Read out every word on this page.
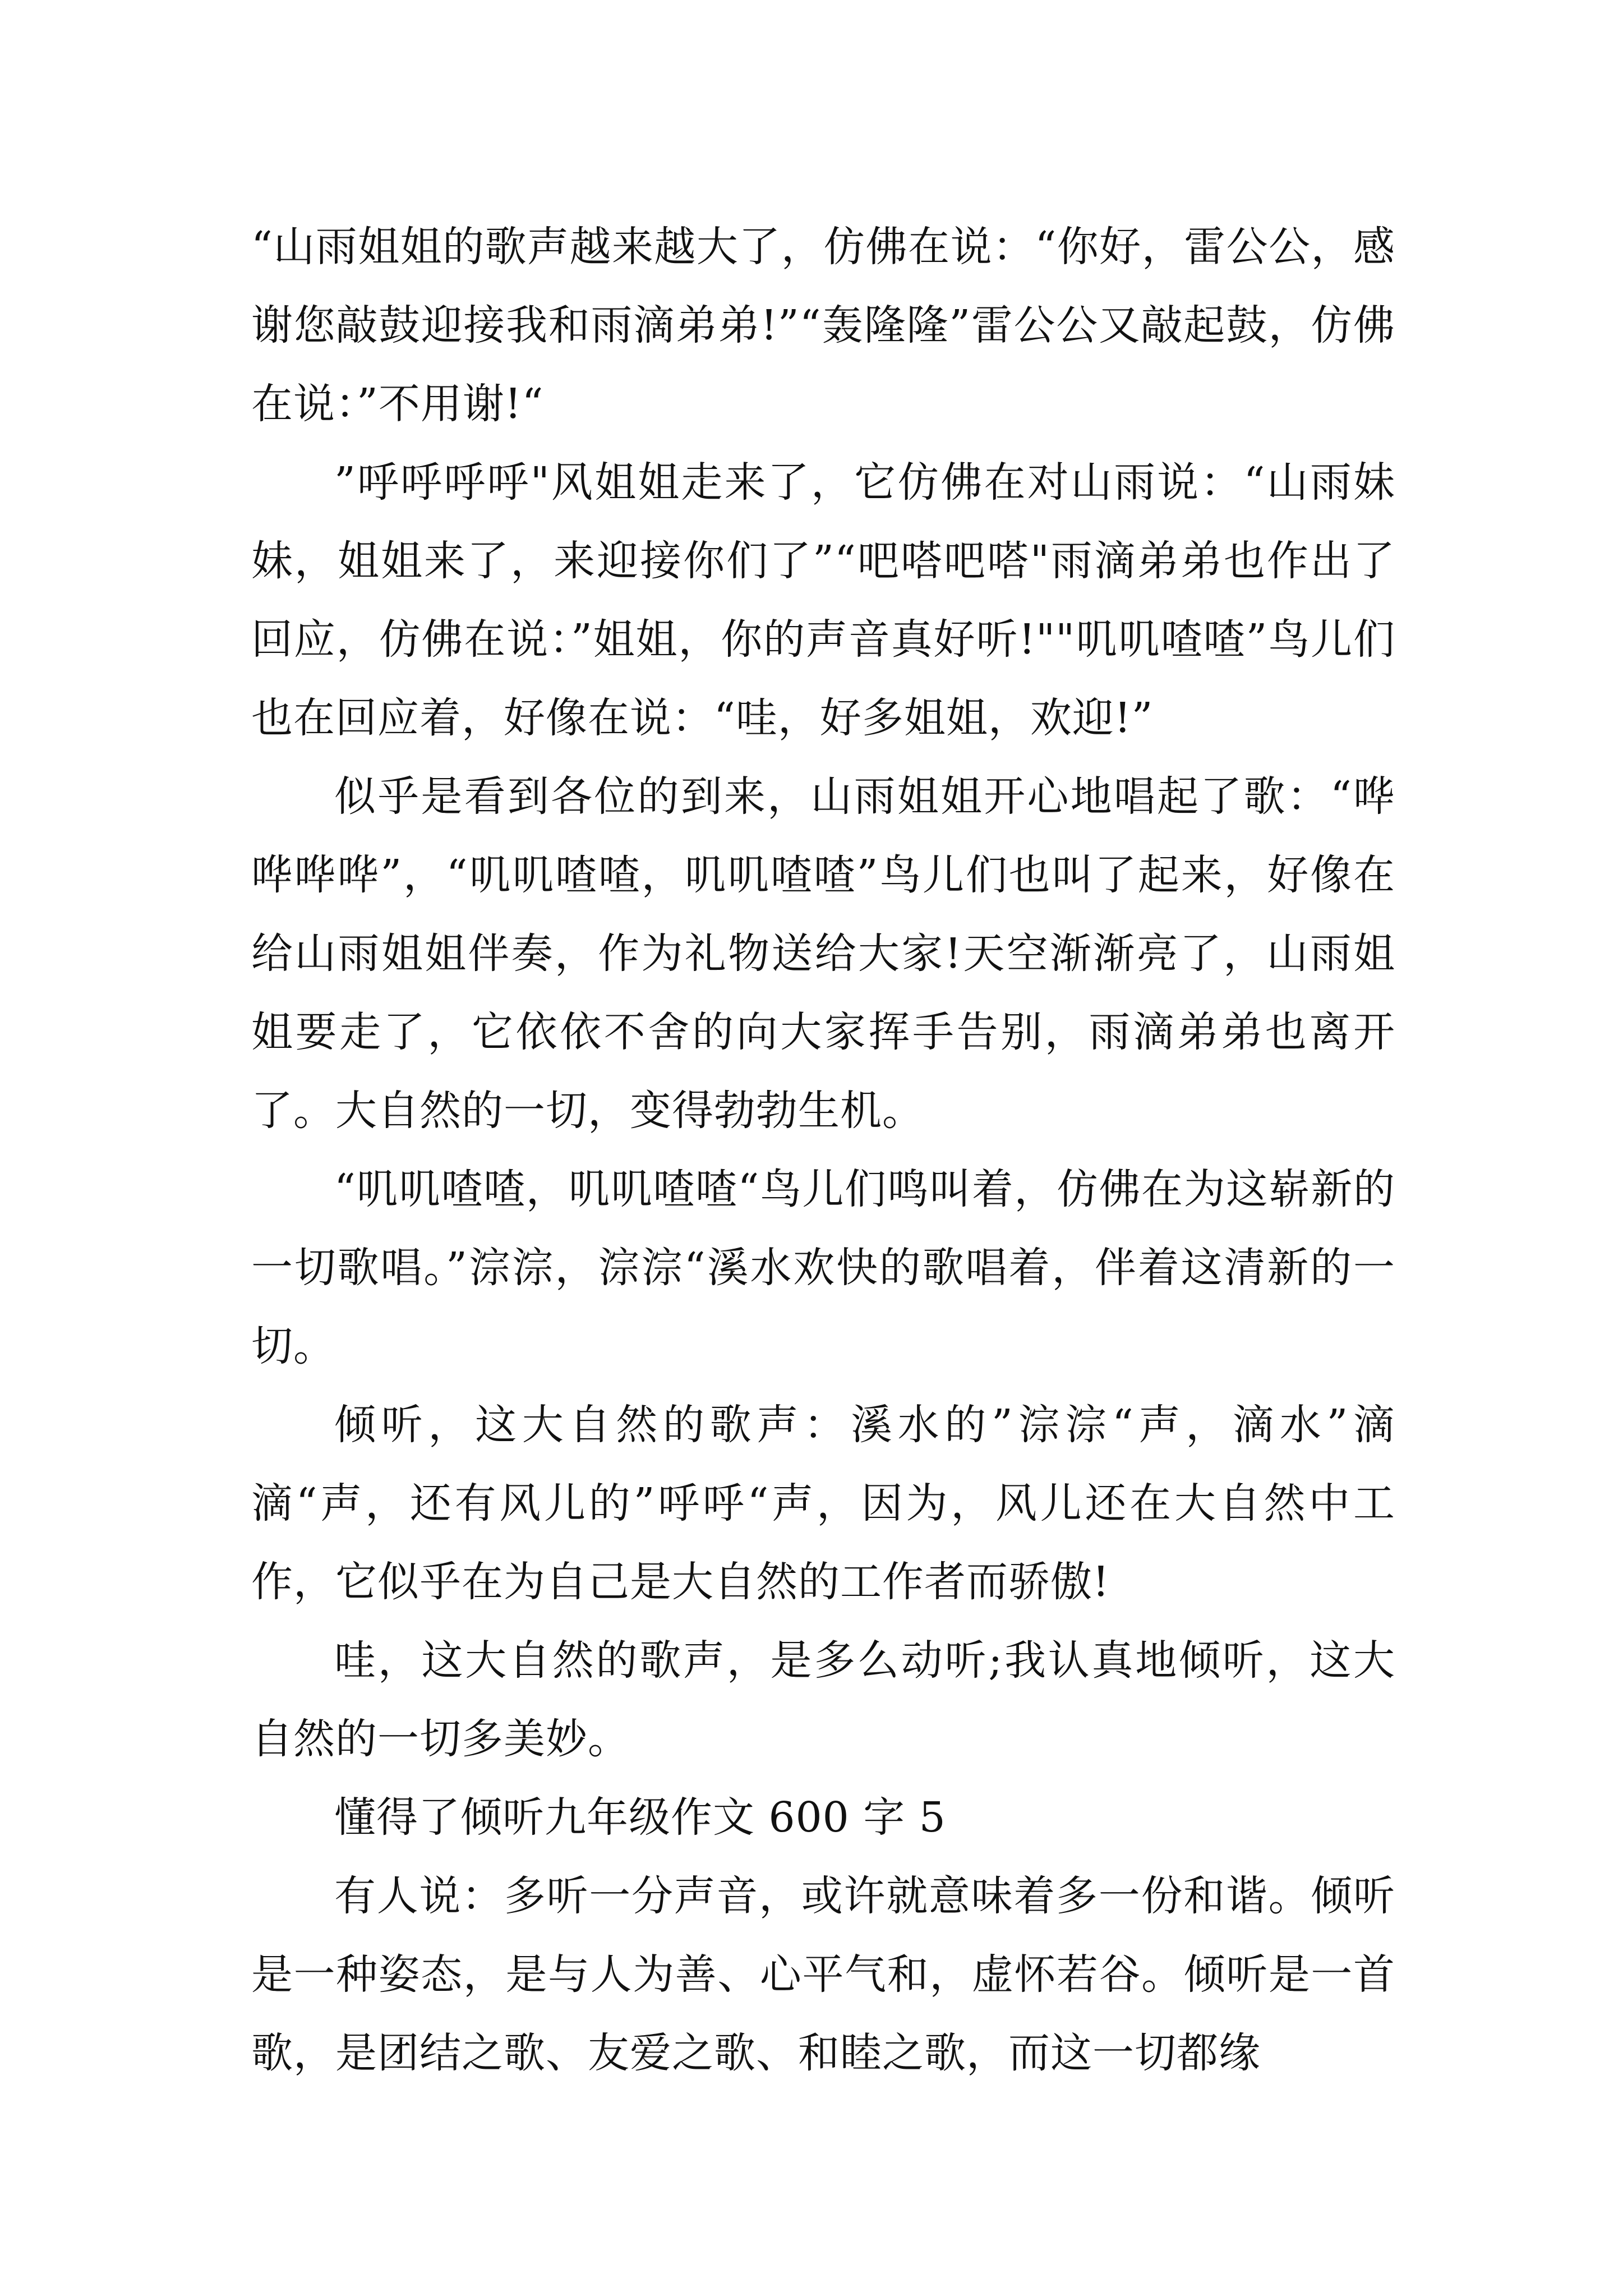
“山雨姐姐的歌声越来越大了，仿佛在说：“你好，雷公公，感谢您敲鼓迎接我和雨滴弟弟!”“轰隆隆”雷公公又敲起鼓，仿佛在说：”不用谢!“

”呼呼呼呼"风姐姐走来了，它仿佛在对山雨说：“山雨妹妹，姐姐来了，来迎接你们了”“吧嗒吧嗒"雨滴弟弟也作出了回应，仿佛在说：”姐姐，你的声音真好听!""叽叽喳喳”鸟儿们也在回应着，好像在说：“哇，好多姐姐，欢迎!”

似乎是看到各位的到来，山雨姐姐开心地唱起了歌：“哗哗哗哗”，“叽叽喳喳，叽叽喳喳”鸟儿们也叫了起来，好像在给山雨姐姐伴奏，作为礼物送给大家!天空渐渐亮了，山雨姐姐要走了，它依依不舍的向大家挥手告别，雨滴弟弟也离开了。大自然的一切，变得勃勃生机。

“叽叽喳喳，叽叽喳喳“鸟儿们鸣叫着，仿佛在为这崭新的一切歌唱。”淙淙，淙淙“溪水欢快的歌唱着，伴着这清新的一切。

倾听，这大自然的歌声：溪水的”淙淙“声，滴水”滴滴“声，还有风儿的”呼呼“声，因为，风儿还在大自然中工作，它似乎在为自己是大自然的工作者而骄傲!

哇，这大自然的歌声，是多么动听;我认真地倾听，这大自然的一切多美妙。

懂得了倾听九年级作文 600 字 5

有人说：多听一分声音，或许就意味着多一份和谐。倾听是一种姿态，是与人为善、心平气和，虚怀若谷。倾听是一首歌，是团结之歌、友爱之歌、和睦之歌，而这一切都缘
